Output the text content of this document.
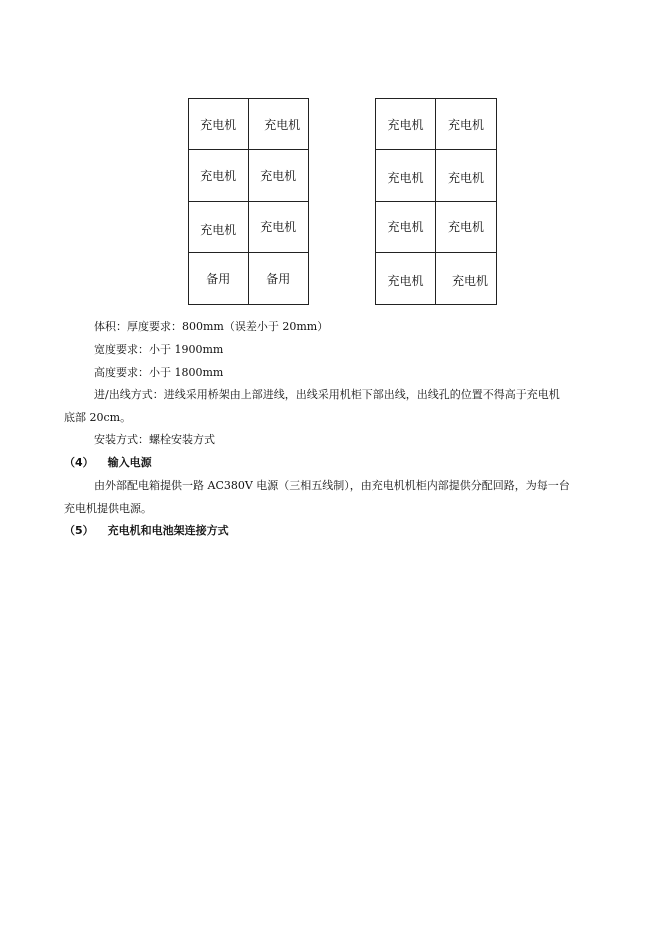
充电机	充电机
充电机	充电机
充电机	充电机
备用	备用
充电机	充电机
充电机	充电机
充电机	充电机
充电机	充电机
体积：厚度要求：800mm（误差小于 20mm）
宽度要求：小于 1900mm
高度要求：小于 1800mm
进/出线方式：进线采用桥架由上部进线，出线采用机柜下部出线，出线孔的位置不得高于充电机
底部 20cm。
安装方式：螺栓安装方式
（4） 输入电源
由外部配电箱提供一路 AC380V 电源（三相五线制），由充电机机柜内部提供分配回路，为每一台
充电机提供电源。
（5） 充电机和电池架连接方式
